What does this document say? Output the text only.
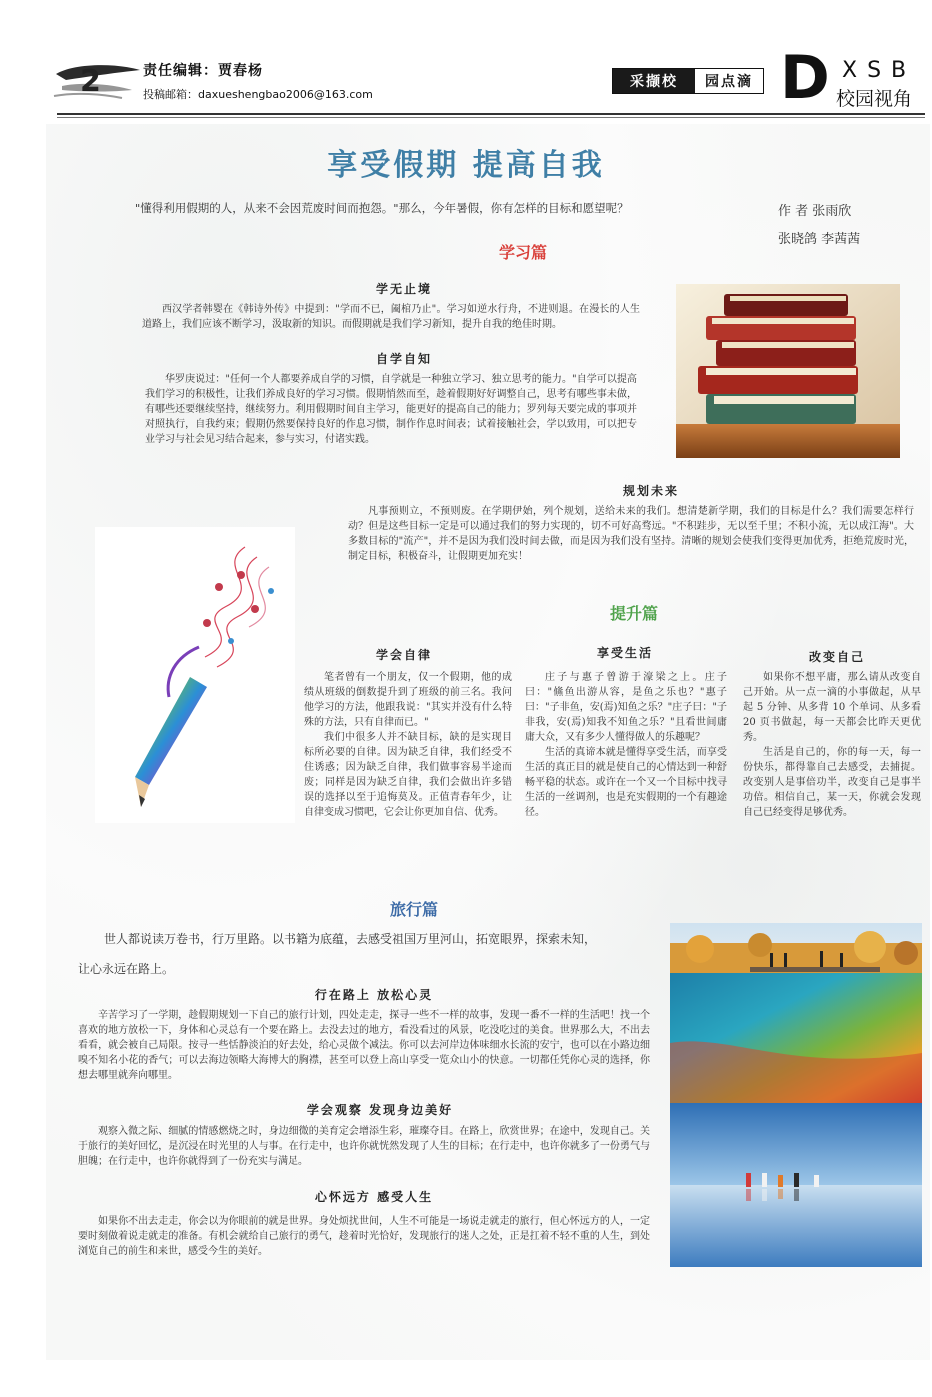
2	责任编辑：贾春杨
投稿邮箱：daxueshengbao2006@163.com
采撷校	园点滴 D XSB
校园视角
享受假期 提高自我
"懂得利用假期的人，从来不会因荒废时间而抱怨。"那么，今年暑假，你有怎样的目标和愿望呢？	作 者 张雨欣
张晓鸽 李茜茜
学习篇
学无止境

西汉学者韩婴在《韩诗外传》中提到："学而不已，阖棺乃止"。学习如逆水行舟，不进则退。在漫长的人生道路上，我们应该不断学习，汲取新的知识。而假期就是我们学习新知，提升自我的绝佳时期。

自学自知

华罗庚说过："任何一个人都要养成自学的习惯，自学就是一种独立学习、独立思考的能力。"自学可以提高我们学习的积极性，让我们养成良好的学习习惯。假期悄然而至，趁着假期好好调整自己，思考有哪些事未做，有哪些还要继续坚持，继续努力。利用假期时间自主学习，能更好的提高自己的能力；罗列每天要完成的事项并对照执行，自我约束；假期仍然要保持良好的作息习惯，制作作息时间表；试着接触社会，学以致用，可以把专业学习与社会见习结合起来，参与实习，付诸实践。

规划未来

凡事预则立，不预则废。在学期伊始，列个规划，送给未来的我们。想清楚新学期，我们的目标是什么？我们需要怎样行动？但是这些目标一定是可以通过我们的努力实现的，切不可好高骛远。"不积跬步，无以至千里；不积小流，无以成江海"。大多数目标的"流产"，并不是因为我们没时间去做，而是因为我们没有坚持。清晰的规划会使我们变得更加优秀，拒绝荒废时光，制定目标，积极奋斗，让假期更加充实！

提升篇
学会自律

笔者曾有一个朋友，仅一个假期，他的成绩从班级的倒数提升到了班级的前三名。我问他学习的方法，他跟我说："其实并没有什么特殊的方法，只有自律而已。"

我们中很多人并不缺目标，缺的是实现目标所必要的自律。因为缺乏自律，我们经受不住诱惑；因为缺乏自律，我们做事容易半途而废；同样是因为缺乏自律，我们会做出许多错误的选择以至于追悔莫及。正值青春年少，让自律变成习惯吧，它会让你更加自信、优秀。

享受生活

庄子与惠子曾游于濠梁之上。庄子曰："鯈鱼出游从容，是鱼之乐也？"惠子曰："子非鱼，安(焉)知鱼之乐？"庄子曰："子非我，安(焉)知我不知鱼之乐？"且看世间庸庸大众，又有多少人懂得做人的乐趣呢？

生活的真谛本就是懂得享受生活，而享受生活的真正目的就是使自己的心情达到一种舒畅平稳的状态。或许在一个又一个目标中找寻生活的一丝调剂，也是充实假期的一个有趣途径。

改变自己

如果你不想平庸，那么请从改变自己开始。从一点一滴的小事做起，从早起 5 分钟、从多背 10 个单词、从多看 20 页书做起，每一天都会比昨天更优秀。

生活是自己的，你的每一天，每一份快乐，都得靠自己去感受，去捕捉。改变别人是事倍功半，改变自己是事半功倍。相信自己，某一天，你就会发现自己已经变得足够优秀。

旅行篇
世人都说读万卷书，行万里路。以书籍为底蕴，去感受祖国万里河山，拓宽眼界，探索未知，
让心永远在路上。
行在路上 放松心灵

辛苦学习了一学期，趁假期规划一下自己的旅行计划，四处走走，探寻一些不一样的故事，发现一番不一样的生活吧！找一个喜欢的地方放松一下，身体和心灵总有一个要在路上。去没去过的地方，看没看过的风景，吃没吃过的美食。世界那么大，不出去看看，就会被自己局限。按寻一些恬静淡泊的好去处，给心灵做个减法。你可以去河岸边体味细水长流的安宁，也可以在小路边细嗅不知名小花的香气；可以去海边领略大海博大的胸襟，甚至可以登上高山享受一览众山小的快意。一切都任凭你心灵的选择，你想去哪里就奔向哪里。

学会观察 发现身边美好

观察入微之际、细腻的情感燃烧之时，身边细微的美育定会增添生彩，璀璨夺目。在路上，欣赏世界；在途中，发现自己。关于旅行的美好回忆，是沉浸在时光里的人与事。在行走中，也许你就恍然发现了人生的目标；在行走中，也许你就多了一份勇气与胆魄；在行走中，也许你就得到了一份充实与满足。

心怀远方 感受人生

如果你不出去走走，你会以为你眼前的就是世界。身处烦扰世间，人生不可能是一场说走就走的旅行，但心怀远方的人，一定要时刻做着说走就走的准备。有机会就给自己旅行的勇气，趁着时光恰好，发现旅行的迷人之处，正是扛着不轻不重的人生，到处浏览自己的前生和来世，感受今生的美好。
